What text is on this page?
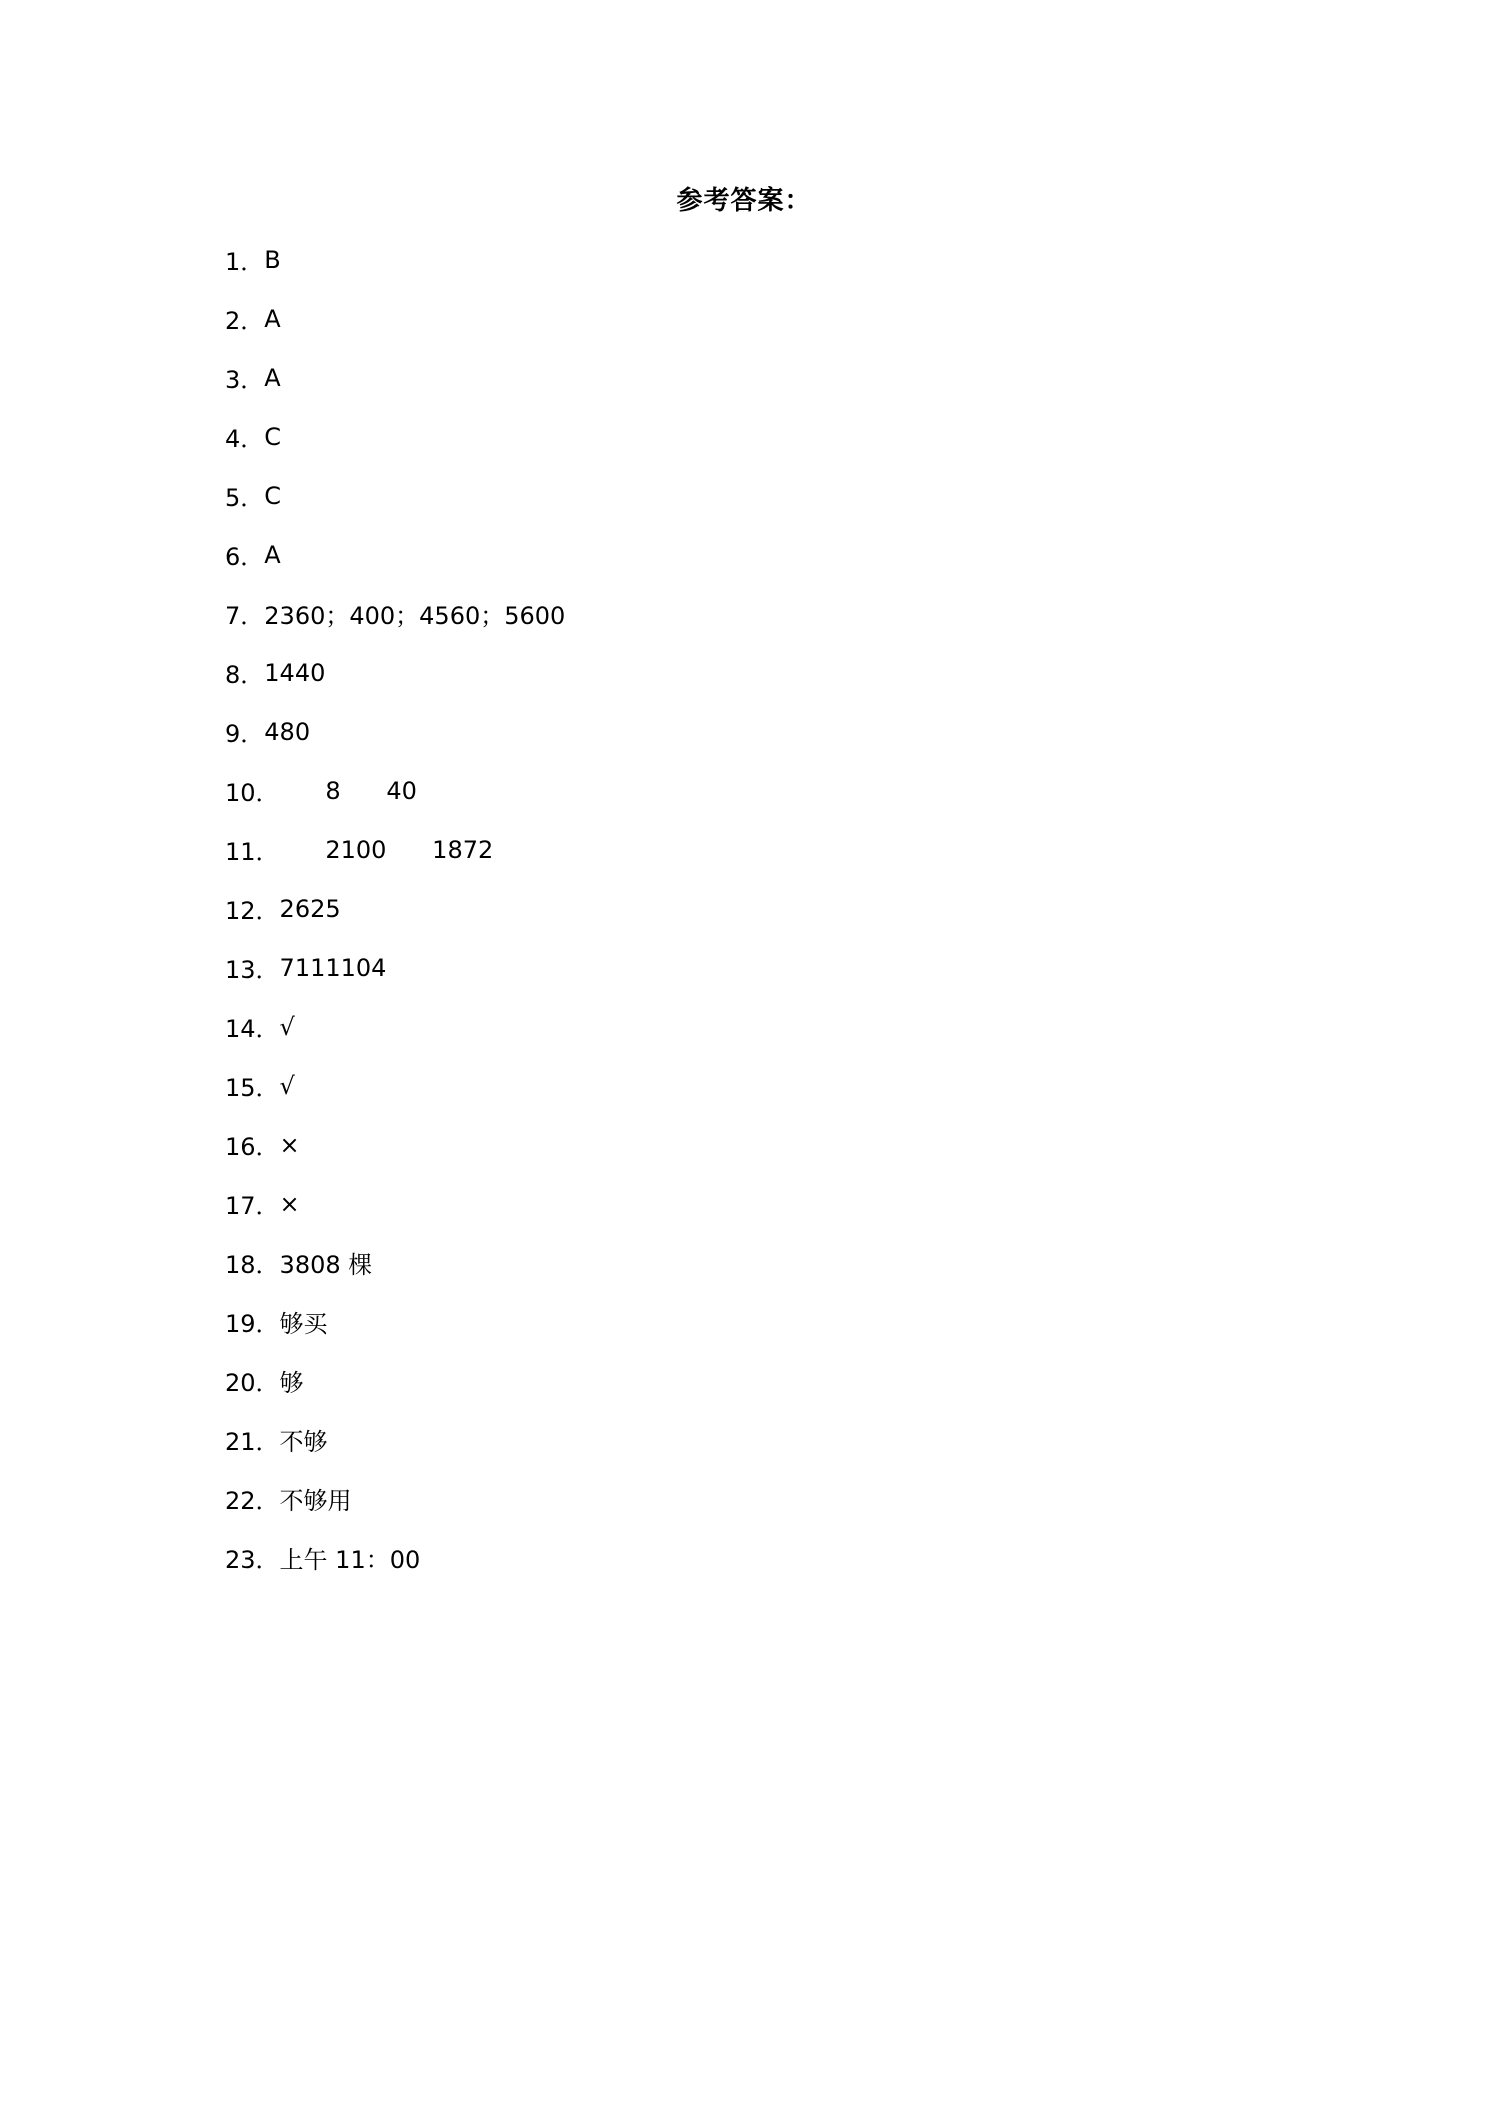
参考答案：
1． B
2． A
3． A
4． C
5． C
6． A
7． 2360；400；4560；5600
8． 1440
9． 480
10． 8      40
11． 2100      1872
12． 2625
13． 7111104
14． √
15． √
16． ×
17． ×
18． 3808 棵
19． 够买
20． 够
21． 不够
22． 不够用
23． 上午 11：00
